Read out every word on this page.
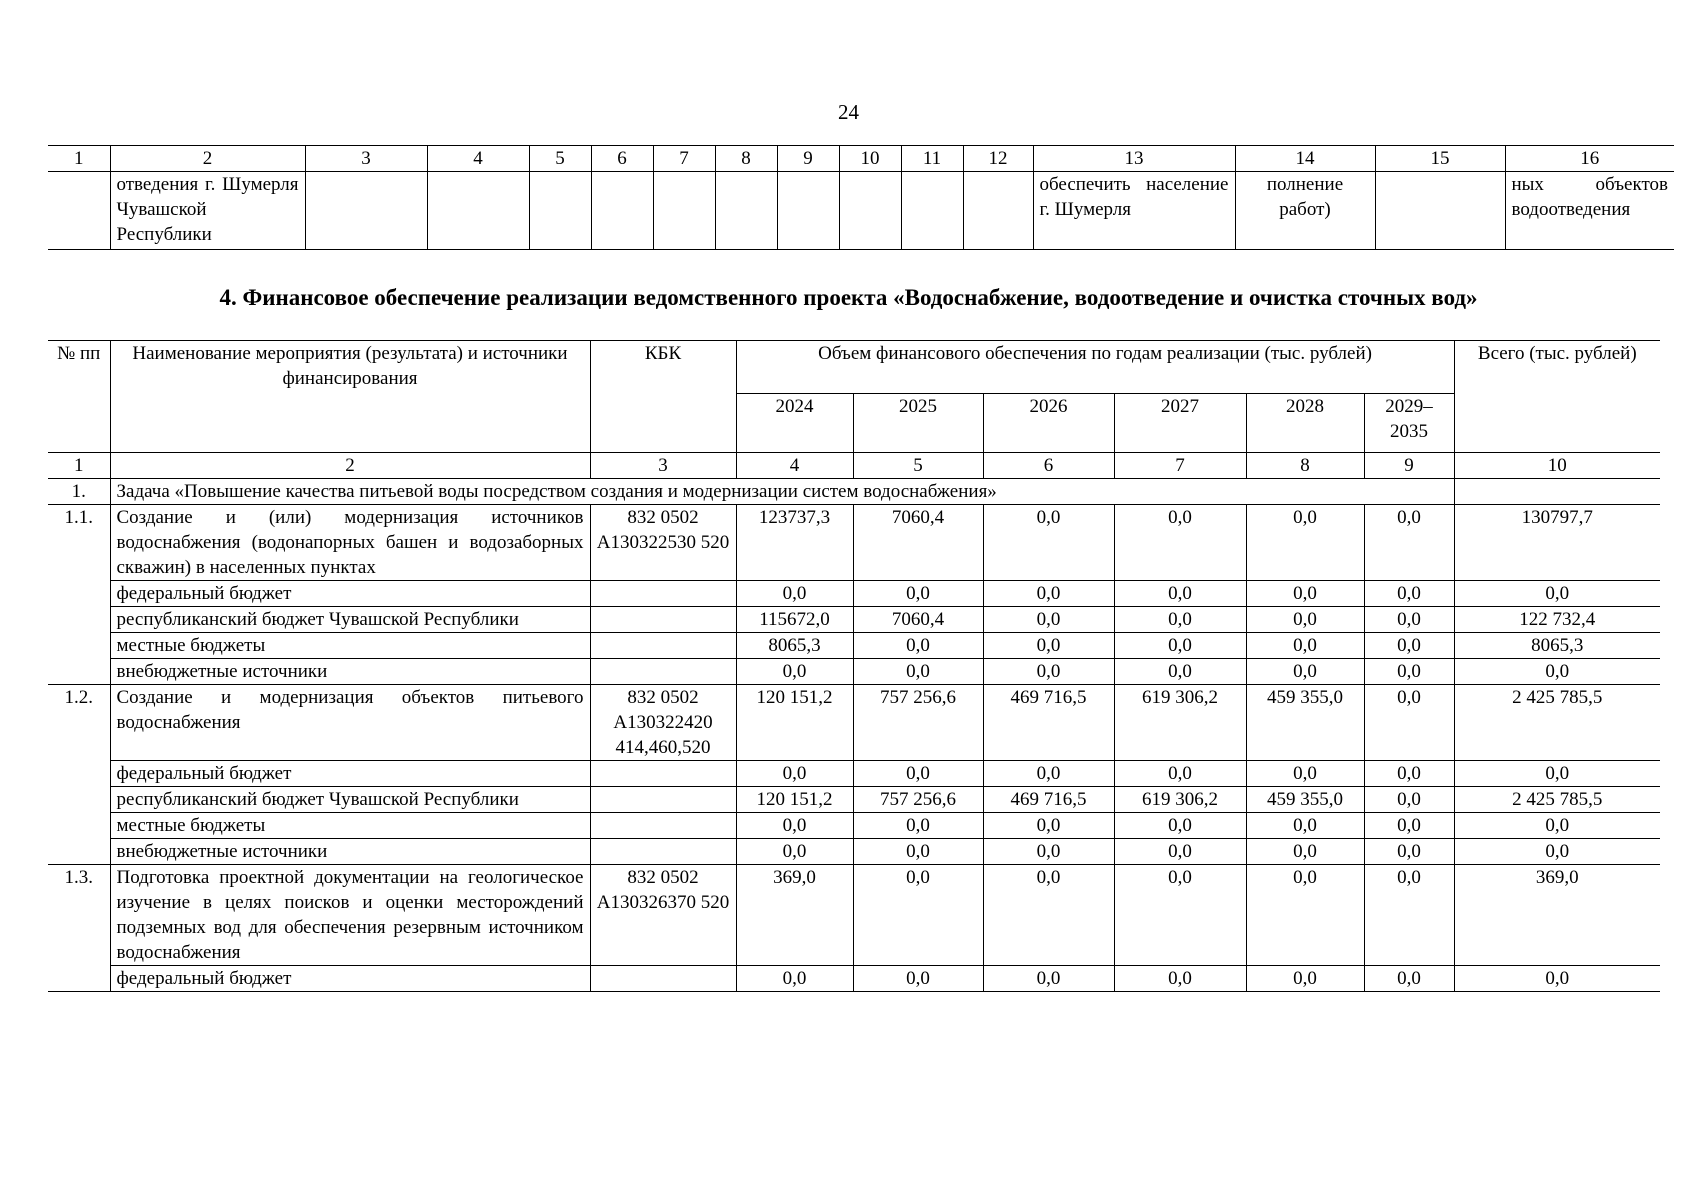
24
1	2	3	4	5	6	7	8	9	10	11	12	13	14	15	16
	отведения г. Шумерля Чувашской Республики											обеспечить население г. Шумерля	полнение работ)		ных объектов водоотведения
4. Финансовое обеспечение реализации ведомственного проекта «Водоснабжение, водоотведение и очистка сточных вод»
№ пп	Наименование мероприятия (результата) и источники финансирования	КБК	Объем финансового обеспечения по годам реализации (тыс. рублей)						Всего (тыс. рублей)
			2024	2025	2026	2027	2028	2029–2035	
1	2	3	4	5	6	7	8	9	10
1.	Задача «Повышение качества питьевой воды посредством создания и модернизации систем водоснабжения»								
1.1.	Создание и (или) модернизация источников водоснабжения (водонапорных башен и водозаборных скважин) в населенных пунктах	832 0502 А130322530 520	123737,3	7060,4	0,0	0,0	0,0	0,0	130797,7
	федеральный бюджет		0,0	0,0	0,0	0,0	0,0	0,0	0,0
	республиканский бюджет Чувашской Республики		115672,0	7060,4	0,0	0,0	0,0	0,0	122 732,4
	местные бюджеты		8065,3	0,0	0,0	0,0	0,0	0,0	8065,3
	внебюджетные источники		0,0	0,0	0,0	0,0	0,0	0,0	0,0
1.2.	Создание и модернизация объектов питьевого водоснабжения	832 0502 А130322420 414,460,520	120 151,2	757 256,6	469 716,5	619 306,2	459 355,0	0,0	2 425 785,5
	федеральный бюджет		0,0	0,0	0,0	0,0	0,0	0,0	0,0
	республиканский бюджет Чувашской Республики		120 151,2	757 256,6	469 716,5	619 306,2	459 355,0	0,0	2 425 785,5
	местные бюджеты		0,0	0,0	0,0	0,0	0,0	0,0	0,0
	внебюджетные источники		0,0	0,0	0,0	0,0	0,0	0,0	0,0
1.3.	Подготовка проектной документации на геологическое изучение в целях поисков и оценки месторождений подземных вод для обеспечения резервным источником водоснабжения	832 0502 А130326370 520	369,0	0,0	0,0	0,0	0,0	0,0	369,0
	федеральный бюджет		0,0	0,0	0,0	0,0	0,0	0,0	0,0
